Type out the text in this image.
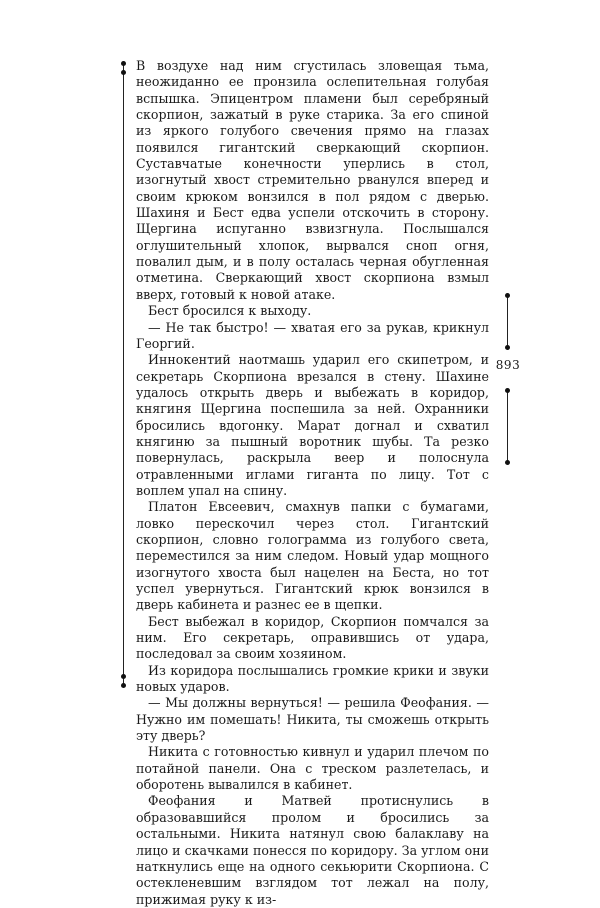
893

В воздухе над ним сгустилась зловещая тьма, неожиданно ее пронзила ослепительная голубая вспышка. Эпицентром пламени был серебряный скорпион, зажатый в руке старика. За его спиной из яркого голубого свечения прямо на глазах появился гигантский сверкающий скорпион. Суставчатые конечности уперлись в стол, изогнутый хвост стремительно рванулся вперед и своим крюком вонзился в пол рядом с дверью. Шахиня и Бест едва успели отскочить в сторону. Щергина испуганно взвизгнула. Послышался оглушительный хлопок, вырвался сноп огня, повалил дым, и в полу осталась черная обугленная отметина. Сверкающий хвост скорпиона взмыл вверх, готовый к новой атаке.

Бест бросился к выходу.

— Не так быстро! — хватая его за рукав, крикнул Георгий.

Иннокентий наотмашь ударил его скипетром, и секретарь Скорпиона врезался в стену. Шахине удалось открыть дверь и выбежать в коридор, княгиня Щергина поспешила за ней. Охранники бросились вдогонку. Марат догнал и схватил княгиню за пышный воротник шубы. Та резко повернулась, раскрыла веер и полоснула отравленными иглами гиганта по лицу. Тот с воплем упал на спину.

Платон Евсеевич, смахнув папки с бумагами, ловко перескочил через стол. Гигантский скорпион, словно голограмма из голубого света, переместился за ним следом. Новый удар мощного изогнутого хвоста был нацелен на Беста, но тот успел увернуться. Гигантский крюк вонзился в дверь кабинета и разнес ее в щепки.

Бест выбежал в коридор, Скорпион помчался за ним. Его секретарь, оправившись от удара, последовал за своим хозяином.

Из коридора послышались громкие крики и звуки новых ударов.

— Мы должны вернуться! — решила Феофания. — Нужно им помешать! Никита, ты сможешь открыть эту дверь?

Никита с готовностью кивнул и ударил плечом по потайной панели. Она с треском разлетелась, и оборотень вывалился в кабинет.

Феофания и Матвей протиснулись в образовавшийся пролом и бросились за остальными. Никита натянул свою балаклаву на лицо и скачками понесся по коридору. За углом они наткнулись еще на одного секьюрити Скорпиона. С остекленевшим взглядом тот лежал на полу, прижимая руку к из-
